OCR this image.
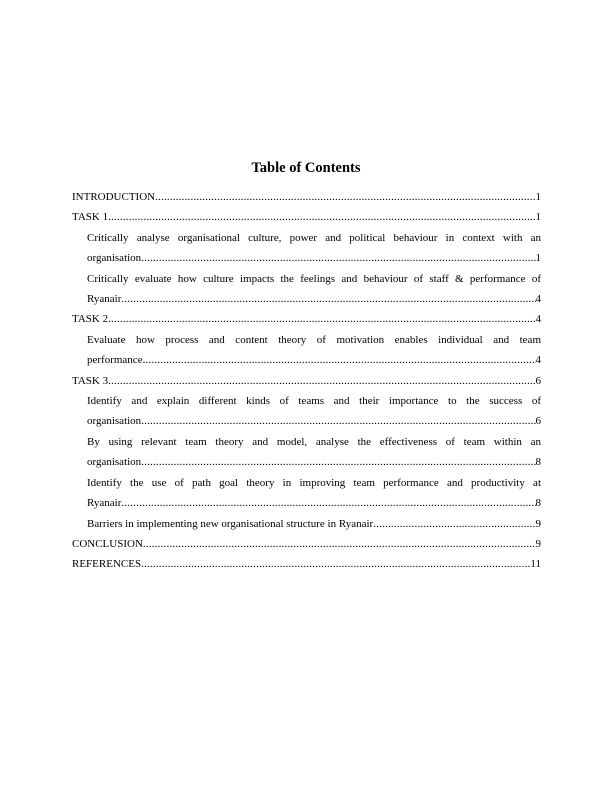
Table of Contents
INTRODUCTION .....	1
TASK 1 .....	1
Critically analyse organisational culture, power and political behaviour in context with an
organisation .....	1
Critically evaluate how culture impacts the feelings and behaviour of staff & performance of
Ryanair .....	4
TASK 2 .....	4
Evaluate how process and content theory of motivation enables individual and team
performance .....	4
TASK 3 .....	6
Identify and explain different kinds of teams and their importance to the success of
organisation .....	6
By using relevant team theory and model, analyse the effectiveness of team within an
organisation .....	8
Identify the use of path goal theory in improving team performance and productivity at
Ryanair .....	8
Barriers in implementing new organisational structure in Ryanair .....	9
CONCLUSION .....	9
REFERENCES .....	11
